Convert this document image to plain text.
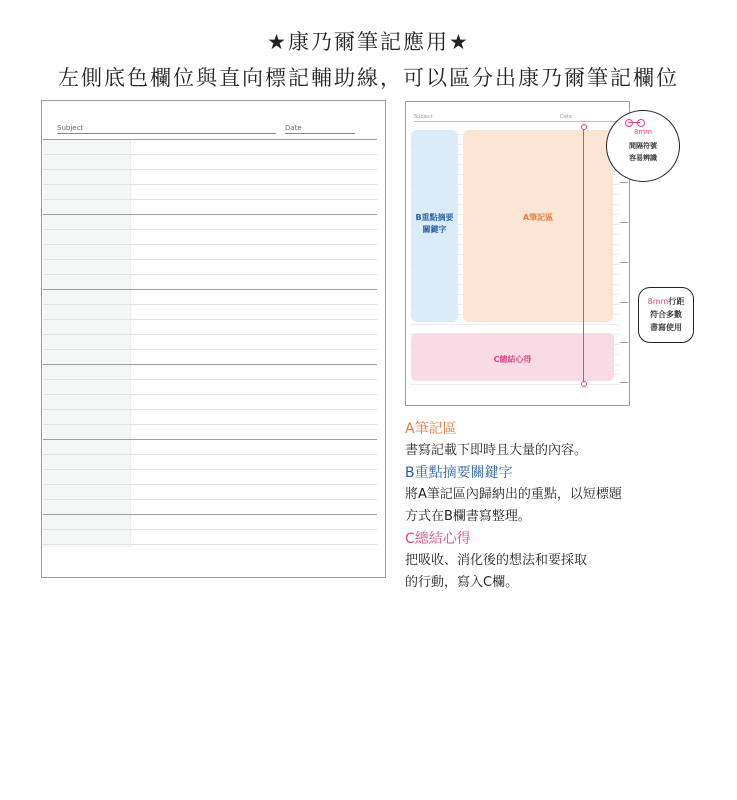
★康乃爾筆記應用★
左側底色欄位與直向標記輔助線，可以區分出康乃爾筆記欄位
Subject	Date
Subject	Date
B重點摘要
關鍵字
A筆記區
C總結心得
8mm
間隔符號
容易辨識
8mm行距
符合多數
書寫使用
A筆記區
書寫記載下即時且大量的內容。
B重點摘要關鍵字
將A筆記區內歸納出的重點，以短標題
方式在B欄書寫整理。
C總結心得
把吸收、消化後的想法和要採取
的行動，寫入C欄。
